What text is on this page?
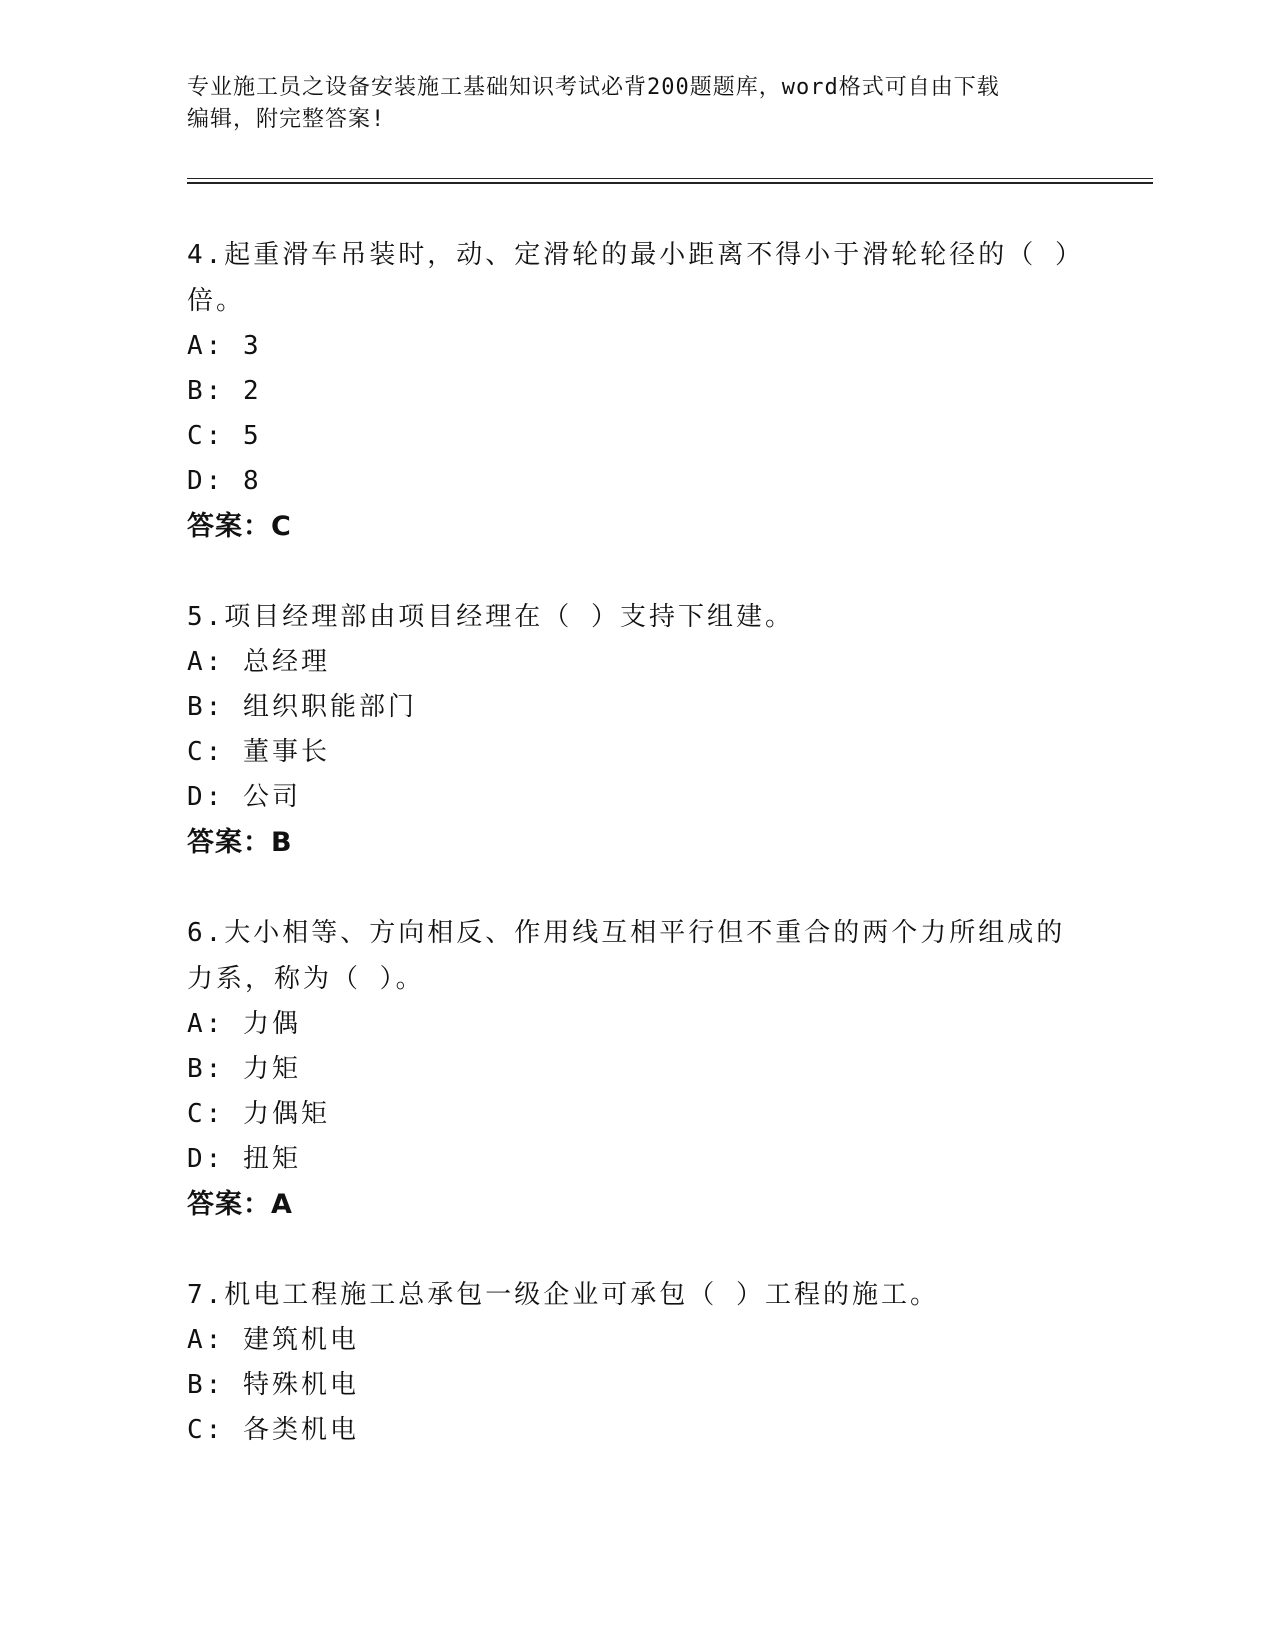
专业施工员之设备安装施工基础知识考试必背200题题库，word格式可自由下载
编辑，附完整答案!

4.起重滑车吊装时，动、定滑轮的最小距离不得小于滑轮轮径的（ ）倍。

A: 3

B: 2

C: 5

D: 8

答案：C

5.项目经理部由项目经理在（ ）支持下组建。

A: 总经理

B: 组织职能部门

C: 董事长

D: 公司

答案：B

6.大小相等、方向相反、作用线互相平行但不重合的两个力所组成的力系，称为（ ）。

A: 力偶

B: 力矩

C: 力偶矩

D: 扭矩

答案：A

7.机电工程施工总承包一级企业可承包（ ）工程的施工。

A: 建筑机电

B: 特殊机电

C: 各类机电
